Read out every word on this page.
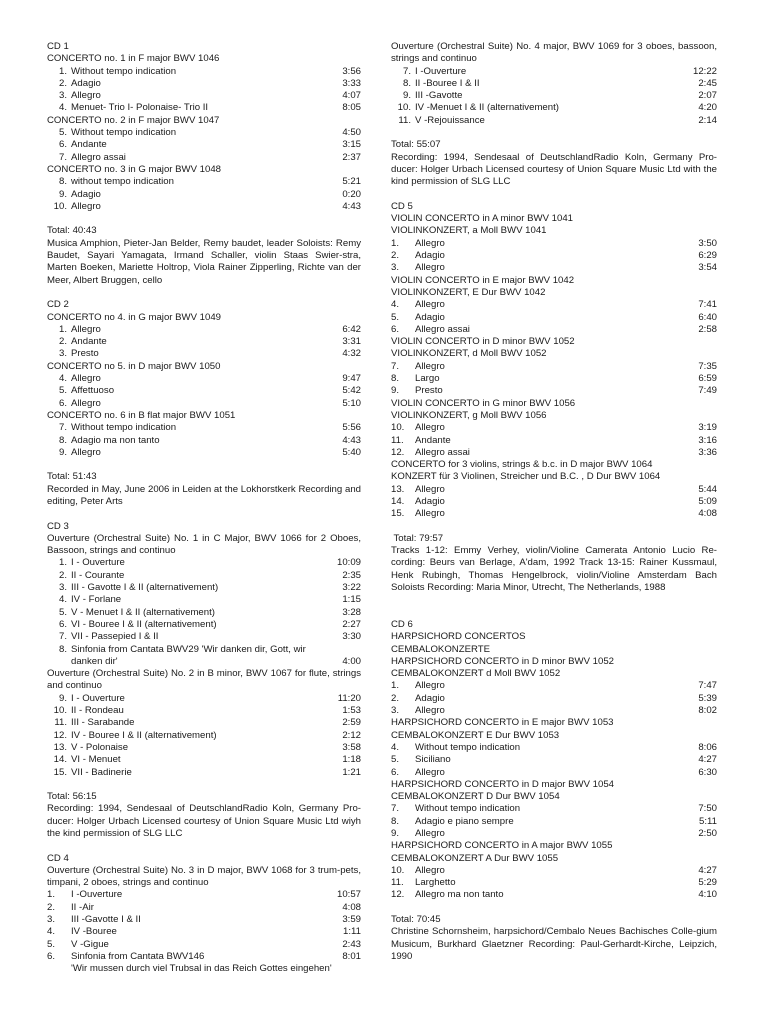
CD 1
CONCERTO no. 1 in F major BWV 1046
1. Without tempo indication	3:56
2. Adagio	3:33
3. Allegro	4:07
4. Menuet- Trio I- Polonaise- Trio II	8:05
CONCERTO no. 2 in F major BWV 1047
5. Without tempo indication	4:50
6. Andante	3:15
7. Allegro assai	2:37
CONCERTO no. 3 in G major BWV 1048
8. without tempo indication	5:21
9. Adagio	0:20
10. Allegro	4:43
Total: 40:43
Musica Amphion, Pieter-Jan Belder, Remy baudet, leader Soloists: Remy Baudet, Sayari Yamagata, Irmand Schaller, violin Staas Swier-stra, Marten Boeken, Mariette Holtrop, Viola Rainer Zipperling, Richte van der Meer, Albert Bruggen, cello
CD 2
CONCERTO no 4. in G major BWV 1049
1. Allegro	6:42
2. Andante	3:31
3. Presto	4:32
CONCERTO no 5. in D major BWV 1050
4. Allegro	9:47
5. Affettuoso	5:42
6. Allegro	5:10
CONCERTO no. 6 in B flat major BWV 1051
7. Without tempo indication	5:56
8. Adagio ma non tanto	4:43
9. Allegro	5:40
Total: 51:43
Recorded in May, June 2006 in Leiden at the Lokhorstkerk Recording and editing, Peter Arts
CD 3
Ouverture (Orchestral Suite) No. 1 in C Major, BWV 1066 for 2 Oboes, Bassoon, strings and continuo
1. I - Ouverture	10:09
2. II - Courante	2:35
3. III - Gavotte I & II (alternativement)	3:22
4. IV - Forlane	1:15
5. V - Menuet I & II (alternativement)	3:28
6. VI - Bouree I & II (alternativement)	2:27
7. VII - Passepied I & II	3:30
8. Sinfonia from Cantata BWV29 'Wir danken dir, Gott, wir danken dir'	4:00
Ouverture (Orchestral Suite) No. 2 in B minor, BWV 1067 for flute, strings and continuo
9. I - Ouverture	11:20
10. II - Rondeau	1:53
11. III - Sarabande	2:59
12. IV - Bouree I & II (alternativement)	2:12
13. V - Polonaise	3:58
14. VI - Menuet	1:18
15. VII - Badinerie	1:21
Total: 56:15
Recording: 1994, Sendesaal of DeutschlandRadio Koln, Germany Pro-ducer: Holger Urbach Licensed courtesy of Union Square Music Ltd wiyh the kind permission of SLG LLC
CD 4
Ouverture (Orchestral Suite) No. 3 in D major, BWV 1068 for 3 trum-pets, timpani, 2 oboes, strings and continuo
1.	I -Ouverture	10:57
2.	II -Air	4:08
3.	III -Gavotte I & II	3:59
4.	IV -Bouree	1:11
5.	V -Gigue	2:43
6.	Sinfonia from Cantata BWV146	8:01
'Wir mussen durch viel Trubsal in das Reich Gottes eingehen'
Ouverture (Orchestral Suite) No. 4 major, BWV 1069 for 3 oboes, bassoon, strings and continuo
7. I -Ouverture	12:22
8. II -Bouree I & II	2:45
9. III -Gavotte	2:07
10. IV -Menuet I & II (alternativement)	4:20
11. V -Rejouissance	2:14
Total: 55:07
Recording: 1994, Sendesaal of DeutschlandRadio Koln, Germany Pro-ducer: Holger Urbach Licensed courtesy of Union Square Music Ltd with the kind permission of SLG LLC
CD 5
VIOLIN CONCERTO in A minor BWV 1041
VIOLINKONZERT, a Moll BWV 1041
1.	Allegro	3:50
2.	Adagio	6:29
3.	Allegro	3:54
VIOLIN CONCERTO in E major BWV 1042
VIOLINKONZERT, E Dur BWV 1042
4.	Allegro	7:41
5.	Adagio	6:40
6.	Allegro assai	2:58
VIOLIN CONCERTO in D minor BWV 1052
VIOLINKONZERT, d Moll BWV 1052
7.	Allegro	7:35
8.	Largo	6:59
9.	Presto	7:49
VIOLIN CONCERTO in G minor BWV 1056
VIOLINKONZERT, g Moll BWV 1056
10.	Allegro	3:19
11.	Andante	3:16
12.	Allegro assai	3:36
CONCERTO for 3 violins, strings & b.c. in D major BWV 1064
KONZERT für 3 Violinen, Streicher und B.C. , D Dur BWV 1064
13.	Allegro	5:44
14.	Adagio	5:09
15.	Allegro	4:08
Total: 79:57
Tracks 1-12: Emmy Verhey, violin/Violine Camerata Antonio Lucio Re-cording: Beurs van Berlage, A'dam, 1992 Track 13-15: Rainer Kussmaul, Henk Rubingh, Thomas Hengelbrock, violin/Violine Amsterdam Bach Soloists Recording: Maria Minor, Utrecht, The Netherlands, 1988
CD 6
HARPSICHORD CONCERTOS
CEMBALOKONZERTE
HARPSICHORD CONCERTO in D minor BWV 1052
CEMBALOKONZERT d Moll BWV 1052
1.	Allegro	7:47
2.	Adagio	5:39
3.	Allegro	8:02
HARPSICHORD CONCERTO in E major BWV 1053
CEMBALOKONZERT E Dur BWV 1053
4.	Without tempo indication	8:06
5.	Siciliano	4:27
6.	Allegro	6:30
HARPSICHORD CONCERTO in D major BWV 1054
CEMBALOKONZERT D Dur BWV 1054
7.	Without tempo indication	7:50
8.	Adagio e piano sempre	5:11
9.	Allegro	2:50
HARPSICHORD CONCERTO in A major BWV 1055
CEMBALOKONZERT A Dur BWV 1055
10.	Allegro	4:27
11.	Larghetto	5:29
12.	Allegro ma non tanto	4:10
Total: 70:45
Christine Schornsheim, harpsichord/Cembalo Neues Bachisches Colle-gium Musicum, Burkhard Glaetzner Recording: Paul-Gerhardt-Kirche, Leipzich, 1990
